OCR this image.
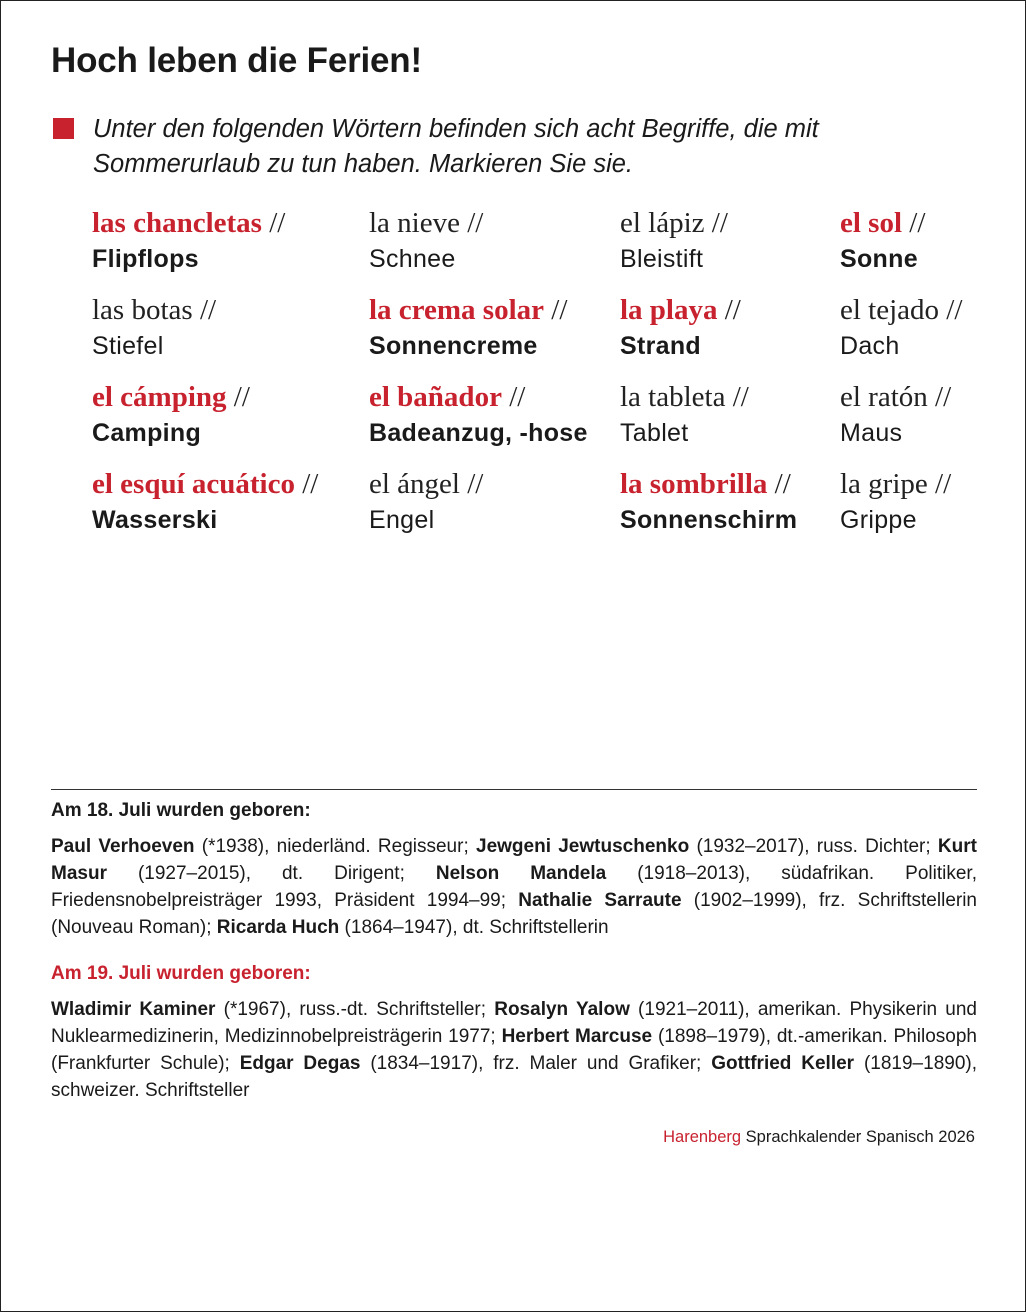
Hoch leben die Ferien!
Unter den folgenden Wörtern befinden sich acht Begriffe, die mit Sommerurlaub zu tun haben. Markieren Sie sie.
las chancletas //
Flipflops
la nieve //
Schnee
el lápiz //
Bleistift
el sol //
Sonne
las botas //
Stiefel
la crema solar //
Sonnencreme
la playa //
Strand
el tejado //
Dach
el cámping //
Camping
el bañador //
Badeanzug, -hose
la tableta //
Tablet
el ratón //
Maus
el esquí acuático //
Wasserski
el ángel //
Engel
la sombrilla //
Sonnenschirm
la gripe //
Grippe
Am 18. Juli wurden geboren:
Paul Verhoeven (*1938), niederländ. Regisseur; Jewgeni Jewtuschenko (1932–2017), russ. Dichter; Kurt Masur (1927–2015), dt. Dirigent; Nelson Mandela (1918–2013), südafrikan. Politiker, Friedensnobelpreisträger 1993, Präsident 1994–99; Nathalie Sarraute (1902–1999), frz. Schriftstellerin (Nouveau Roman); Ricarda Huch (1864–1947), dt. Schriftstellerin
Am 19. Juli wurden geboren:
Wladimir Kaminer (*1967), russ.-dt. Schriftsteller; Rosalyn Yalow (1921–2011), amerikan. Physikerin und Nuklearmedizinerin, Medizinnobelpreisträgerin 1977; Herbert Marcuse (1898–1979), dt.-amerikan. Philosoph (Frankfurter Schule); Edgar Degas (1834–1917), frz. Maler und Grafiker; Gottfried Keller (1819–1890), schweizer. Schriftsteller
Harenberg Sprachkalender Spanisch 2026
